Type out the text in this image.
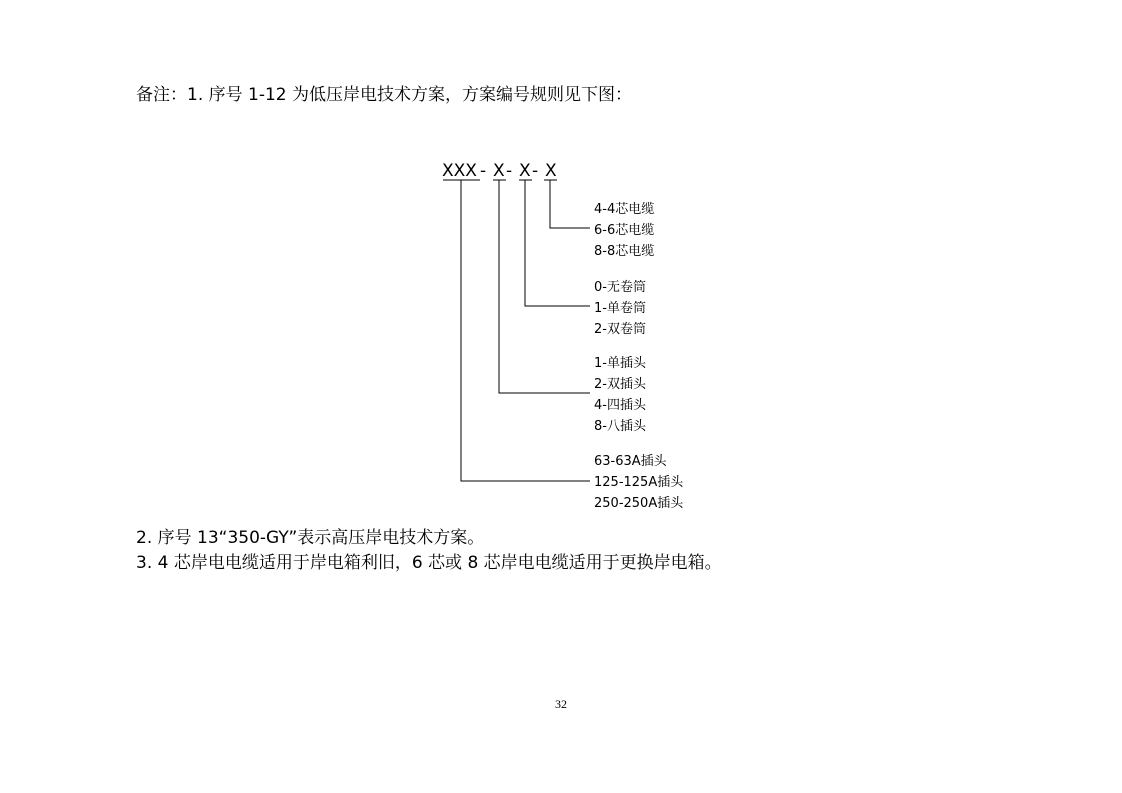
备注：1. 序号 1-12 为低压岸电技术方案，方案编号规则见下图：
XXX - X - X - X
4-4芯电缆
6-6芯电缆
8-8芯电缆
0-无卷筒
1-单卷筒
2-双卷筒
1-单插头
2-双插头
4-四插头
8-八插头
63-63A插头
125-125A插头
250-250A插头
2. 序号 13“350-GY”表示高压岸电技术方案。
3. 4 芯岸电电缆适用于岸电箱利旧，6 芯或 8 芯岸电电缆适用于更换岸电箱。
32
